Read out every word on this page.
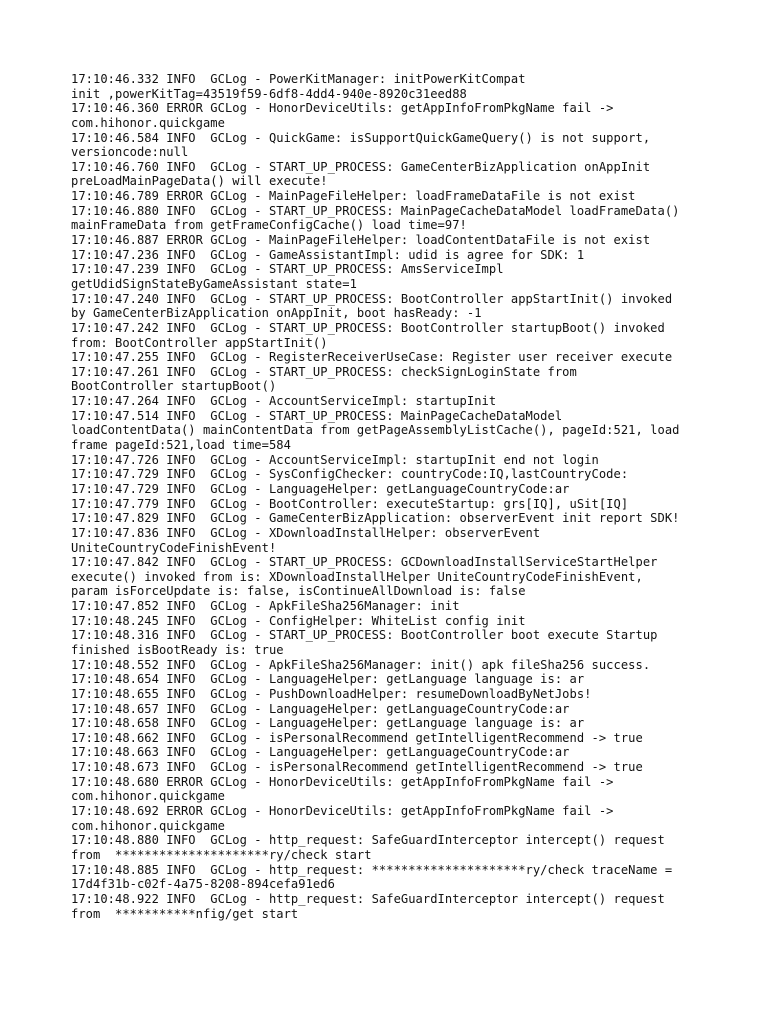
17:10:46.332 INFO  GCLog - PowerKitManager: initPowerKitCompat
init ,powerKitTag=43519f59-6df8-4dd4-940e-8920c31eed88
17:10:46.360 ERROR GCLog - HonorDeviceUtils: getAppInfoFromPkgName fail ->
com.hihonor.quickgame
17:10:46.584 INFO  GCLog - QuickGame: isSupportQuickGameQuery() is not support,
versioncode:null
17:10:46.760 INFO  GCLog - START_UP_PROCESS: GameCenterBizApplication onAppInit
preLoadMainPageData() will execute!
17:10:46.789 ERROR GCLog - MainPageFileHelper: loadFrameDataFile is not exist
17:10:46.880 INFO  GCLog - START_UP_PROCESS: MainPageCacheDataModel loadFrameData()
mainFrameData from getFrameConfigCache() load time=97!
17:10:46.887 ERROR GCLog - MainPageFileHelper: loadContentDataFile is not exist
17:10:47.236 INFO  GCLog - GameAssistantImpl: udid is agree for SDK: 1
17:10:47.239 INFO  GCLog - START_UP_PROCESS: AmsServiceImpl
getUdidSignStateByGameAssistant state=1
17:10:47.240 INFO  GCLog - START_UP_PROCESS: BootController appStartInit() invoked
by GameCenterBizApplication onAppInit, boot hasReady: -1
17:10:47.242 INFO  GCLog - START_UP_PROCESS: BootController startupBoot() invoked
from: BootController appStartInit()
17:10:47.255 INFO  GCLog - RegisterReceiverUseCase: Register user receiver execute
17:10:47.261 INFO  GCLog - START_UP_PROCESS: checkSignLoginState from
BootController startupBoot()
17:10:47.264 INFO  GCLog - AccountServiceImpl: startupInit
17:10:47.514 INFO  GCLog - START_UP_PROCESS: MainPageCacheDataModel
loadContentData() mainContentData from getPageAssemblyListCache(), pageId:521, load
frame pageId:521,load time=584
17:10:47.726 INFO  GCLog - AccountServiceImpl: startupInit end not login
17:10:47.729 INFO  GCLog - SysConfigChecker: countryCode:IQ,lastCountryCode:
17:10:47.729 INFO  GCLog - LanguageHelper: getLanguageCountryCode:ar
17:10:47.779 INFO  GCLog - BootController: executeStartup: grs[IQ], uSit[IQ]
17:10:47.829 INFO  GCLog - GameCenterBizApplication: observerEvent init report SDK!
17:10:47.836 INFO  GCLog - XDownloadInstallHelper: observerEvent
UniteCountryCodeFinishEvent!
17:10:47.842 INFO  GCLog - START_UP_PROCESS: GCDownloadInstallServiceStartHelper
execute() invoked from is: XDownloadInstallHelper UniteCountryCodeFinishEvent,
param isForceUpdate is: false, isContinueAllDownload is: false
17:10:47.852 INFO  GCLog - ApkFileSha256Manager: init
17:10:48.245 INFO  GCLog - ConfigHelper: WhiteList config init
17:10:48.316 INFO  GCLog - START_UP_PROCESS: BootController boot execute Startup
finished isBootReady is: true
17:10:48.552 INFO  GCLog - ApkFileSha256Manager: init() apk fileSha256 success.
17:10:48.654 INFO  GCLog - LanguageHelper: getLanguage language is: ar
17:10:48.655 INFO  GCLog - PushDownloadHelper: resumeDownloadByNetJobs!
17:10:48.657 INFO  GCLog - LanguageHelper: getLanguageCountryCode:ar
17:10:48.658 INFO  GCLog - LanguageHelper: getLanguage language is: ar
17:10:48.662 INFO  GCLog - isPersonalRecommend getIntelligentRecommend -> true
17:10:48.663 INFO  GCLog - LanguageHelper: getLanguageCountryCode:ar
17:10:48.673 INFO  GCLog - isPersonalRecommend getIntelligentRecommend -> true
17:10:48.680 ERROR GCLog - HonorDeviceUtils: getAppInfoFromPkgName fail ->
com.hihonor.quickgame
17:10:48.692 ERROR GCLog - HonorDeviceUtils: getAppInfoFromPkgName fail ->
com.hihonor.quickgame
17:10:48.880 INFO  GCLog - http_request: SafeGuardInterceptor intercept() request
from  *********************ry/check start
17:10:48.885 INFO  GCLog - http_request: *********************ry/check traceName =
17d4f31b-c02f-4a75-8208-894cefa91ed6
17:10:48.922 INFO  GCLog - http_request: SafeGuardInterceptor intercept() request
from  ***********nfig/get start
